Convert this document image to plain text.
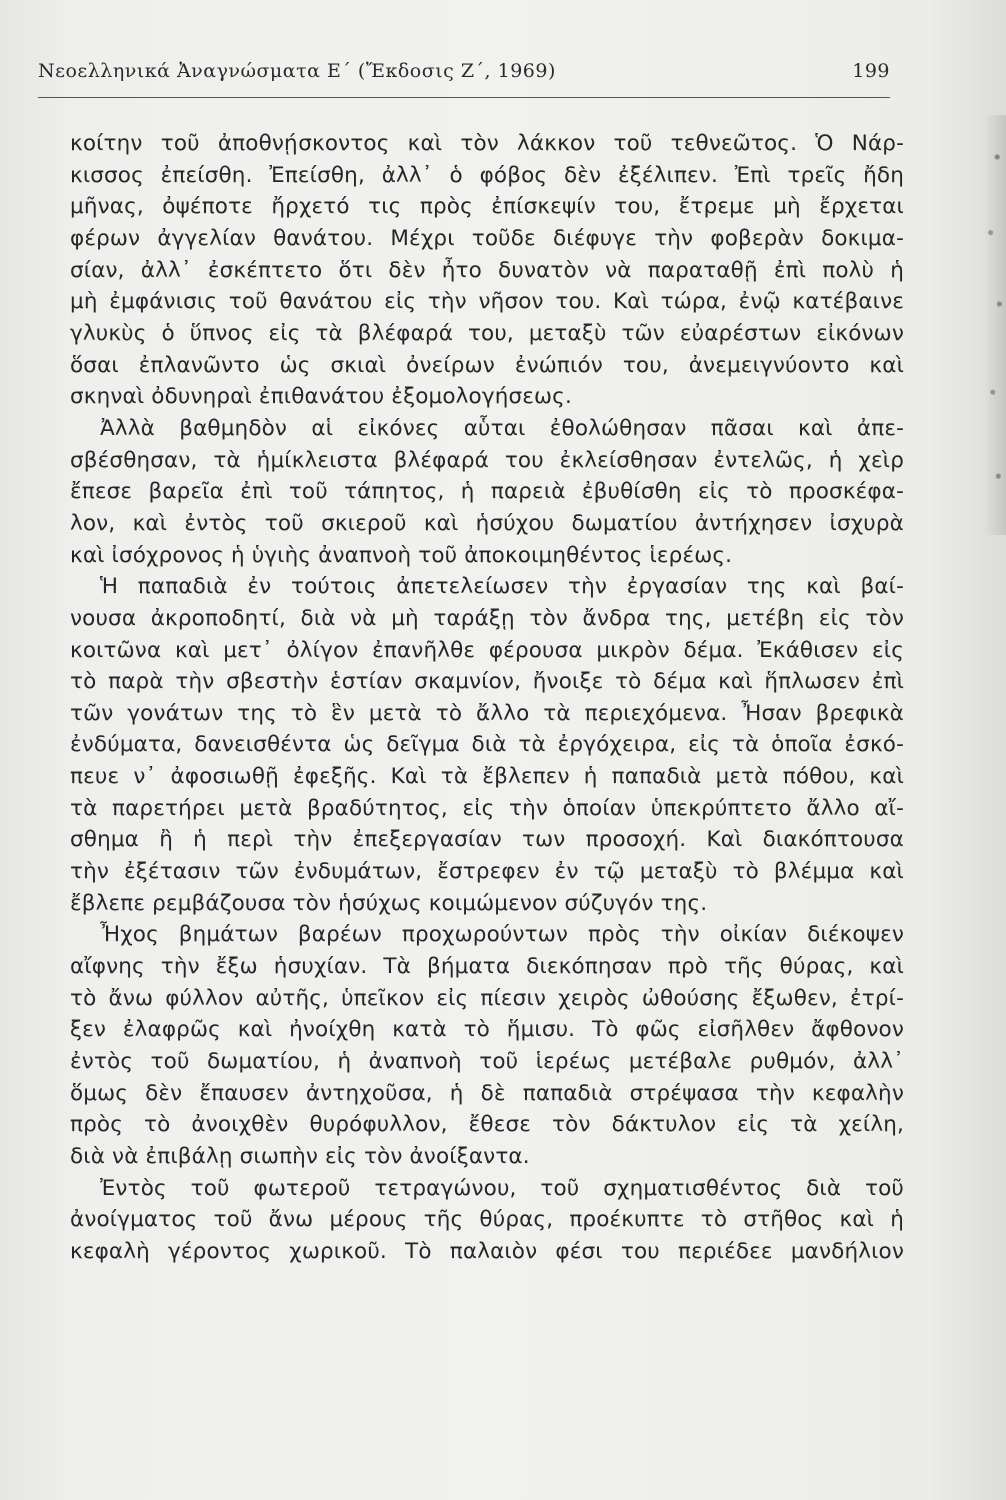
Νεοελληνικά Ἀναγνώσματα Ε΄ (Ἔκδοσις Ζ΄, 1969)	199
κοίτην τοῦ ἀποθνῄσκοντος καὶ τὸν λάκκον τοῦ τεθνεῶτος. Ὁ Νάρ-
κισσος ἐπείσθη. Ἐπείσθη, ἀλλ᾽ ὁ φόβος δὲν ἐξέλιπεν. Ἐπὶ τρεῖς ἤδη
μῆνας, ὀψέποτε ἤρχετό τις πρὸς ἐπίσκεψίν του, ἔτρεμε μὴ ἔρχεται
φέρων ἀγγελίαν θανάτου. Μέχρι τοῦδε διέφυγε τὴν φοβερὰν δοκιμα-
σίαν, ἀλλ᾽ ἐσκέπτετο ὅτι δὲν ἦτο δυνατὸν νὰ παραταθῇ ἐπὶ πολὺ ἡ
μὴ ἐμφάνισις τοῦ θανάτου εἰς τὴν νῆσον του. Καὶ τώρα, ἐνῷ κατέβαινε
γλυκὺς ὁ ὕπνος εἰς τὰ βλέφαρά του, μεταξὺ τῶν εὐαρέστων εἰκόνων
ὅσαι ἐπλανῶντο ὡς σκιαὶ ὀνείρων ἐνώπιόν του, ἀνεμειγνύοντο καὶ
σκηναὶ ὀδυνηραὶ ἐπιθανάτου ἐξομολογήσεως.
Ἀλλὰ βαθμηδὸν αἱ εἰκόνες αὗται ἐθολώθησαν πᾶσαι καὶ ἀπε-
σβέσθησαν, τὰ ἡμίκλειστα βλέφαρά του ἐκλείσθησαν ἐντελῶς, ἡ χεὶρ
ἔπεσε βαρεῖα ἐπὶ τοῦ τάπητος, ἡ παρειὰ ἐβυθίσθη εἰς τὸ προσκέφα-
λον, καὶ ἐντὸς τοῦ σκιεροῦ καὶ ἡσύχου δωματίου ἀντήχησεν ἰσχυρὰ
καὶ ἰσόχρονος ἡ ὑγιὴς ἀναπνοὴ τοῦ ἀποκοιμηθέντος ἱερέως.
Ἡ παπαδιὰ ἐν τούτοις ἀπετελείωσεν τὴν ἐργασίαν της καὶ βαί-
νουσα ἀκροποδητί, διὰ νὰ μὴ ταράξῃ τὸν ἄνδρα της, μετέβη εἰς τὸν
κοιτῶνα καὶ μετ᾽ ὀλίγον ἐπανῆλθε φέρουσα μικρὸν δέμα. Ἐκάθισεν εἰς
τὸ παρὰ τὴν σβεστὴν ἑστίαν σκαμνίον, ἤνοιξε τὸ δέμα καὶ ἥπλωσεν ἐπὶ
τῶν γονάτων της τὸ ἓν μετὰ τὸ ἄλλο τὰ περιεχόμενα. Ἦσαν βρεφικὰ
ἐνδύματα, δανεισθέντα ὡς δεῖγμα διὰ τὰ ἐργόχειρα, εἰς τὰ ὁποῖα ἐσκό-
πευε ν᾽ ἀφοσιωθῇ ἐφεξῆς. Καὶ τὰ ἔβλεπεν ἡ παπαδιὰ μετὰ πόθου, καὶ
τὰ παρετήρει μετὰ βραδύτητος, εἰς τὴν ὁποίαν ὑπεκρύπτετο ἄλλο αἴ-
σθημα ἢ ἡ περὶ τὴν ἐπεξεργασίαν των προσοχή. Καὶ διακόπτουσα
τὴν ἐξέτασιν τῶν ἐνδυμάτων, ἔστρεφεν ἐν τῷ μεταξὺ τὸ βλέμμα καὶ
ἔβλεπε ρεμβάζουσα τὸν ἡσύχως κοιμώμενον σύζυγόν της.
Ἦχος βημάτων βαρέων προχωρούντων πρὸς τὴν οἰκίαν διέκοψεν
αἴφνης τὴν ἔξω ἡσυχίαν. Τὰ βήματα διεκόπησαν πρὸ τῆς θύρας, καὶ
τὸ ἄνω φύλλον αὐτῆς, ὑπεῖκον εἰς πίεσιν χειρὸς ὠθούσης ἔξωθεν, ἐτρί-
ξεν ἐλαφρῶς καὶ ἠνοίχθη κατὰ τὸ ἥμισυ. Τὸ φῶς εἰσῆλθεν ἄφθονον
ἐντὸς τοῦ δωματίου, ἡ ἀναπνοὴ τοῦ ἱερέως μετέβαλε ρυθμόν, ἀλλ᾽
ὅμως δὲν ἔπαυσεν ἀντηχοῦσα, ἡ δὲ παπαδιὰ στρέψασα τὴν κεφαλὴν
πρὸς τὸ ἀνοιχθὲν θυρόφυλλον, ἔθεσε τὸν δάκτυλον εἰς τὰ χείλη,
διὰ νὰ ἐπιβάλῃ σιωπὴν εἰς τὸν ἀνοίξαντα.
Ἐντὸς τοῦ φωτεροῦ τετραγώνου, τοῦ σχηματισθέντος διὰ τοῦ
ἀνοίγματος τοῦ ἄνω μέρους τῆς θύρας, προέκυπτε τὸ στῆθος καὶ ἡ
κεφαλὴ γέροντος χωρικοῦ. Τὸ παλαιὸν φέσι του περιέδεε μανδήλιον
